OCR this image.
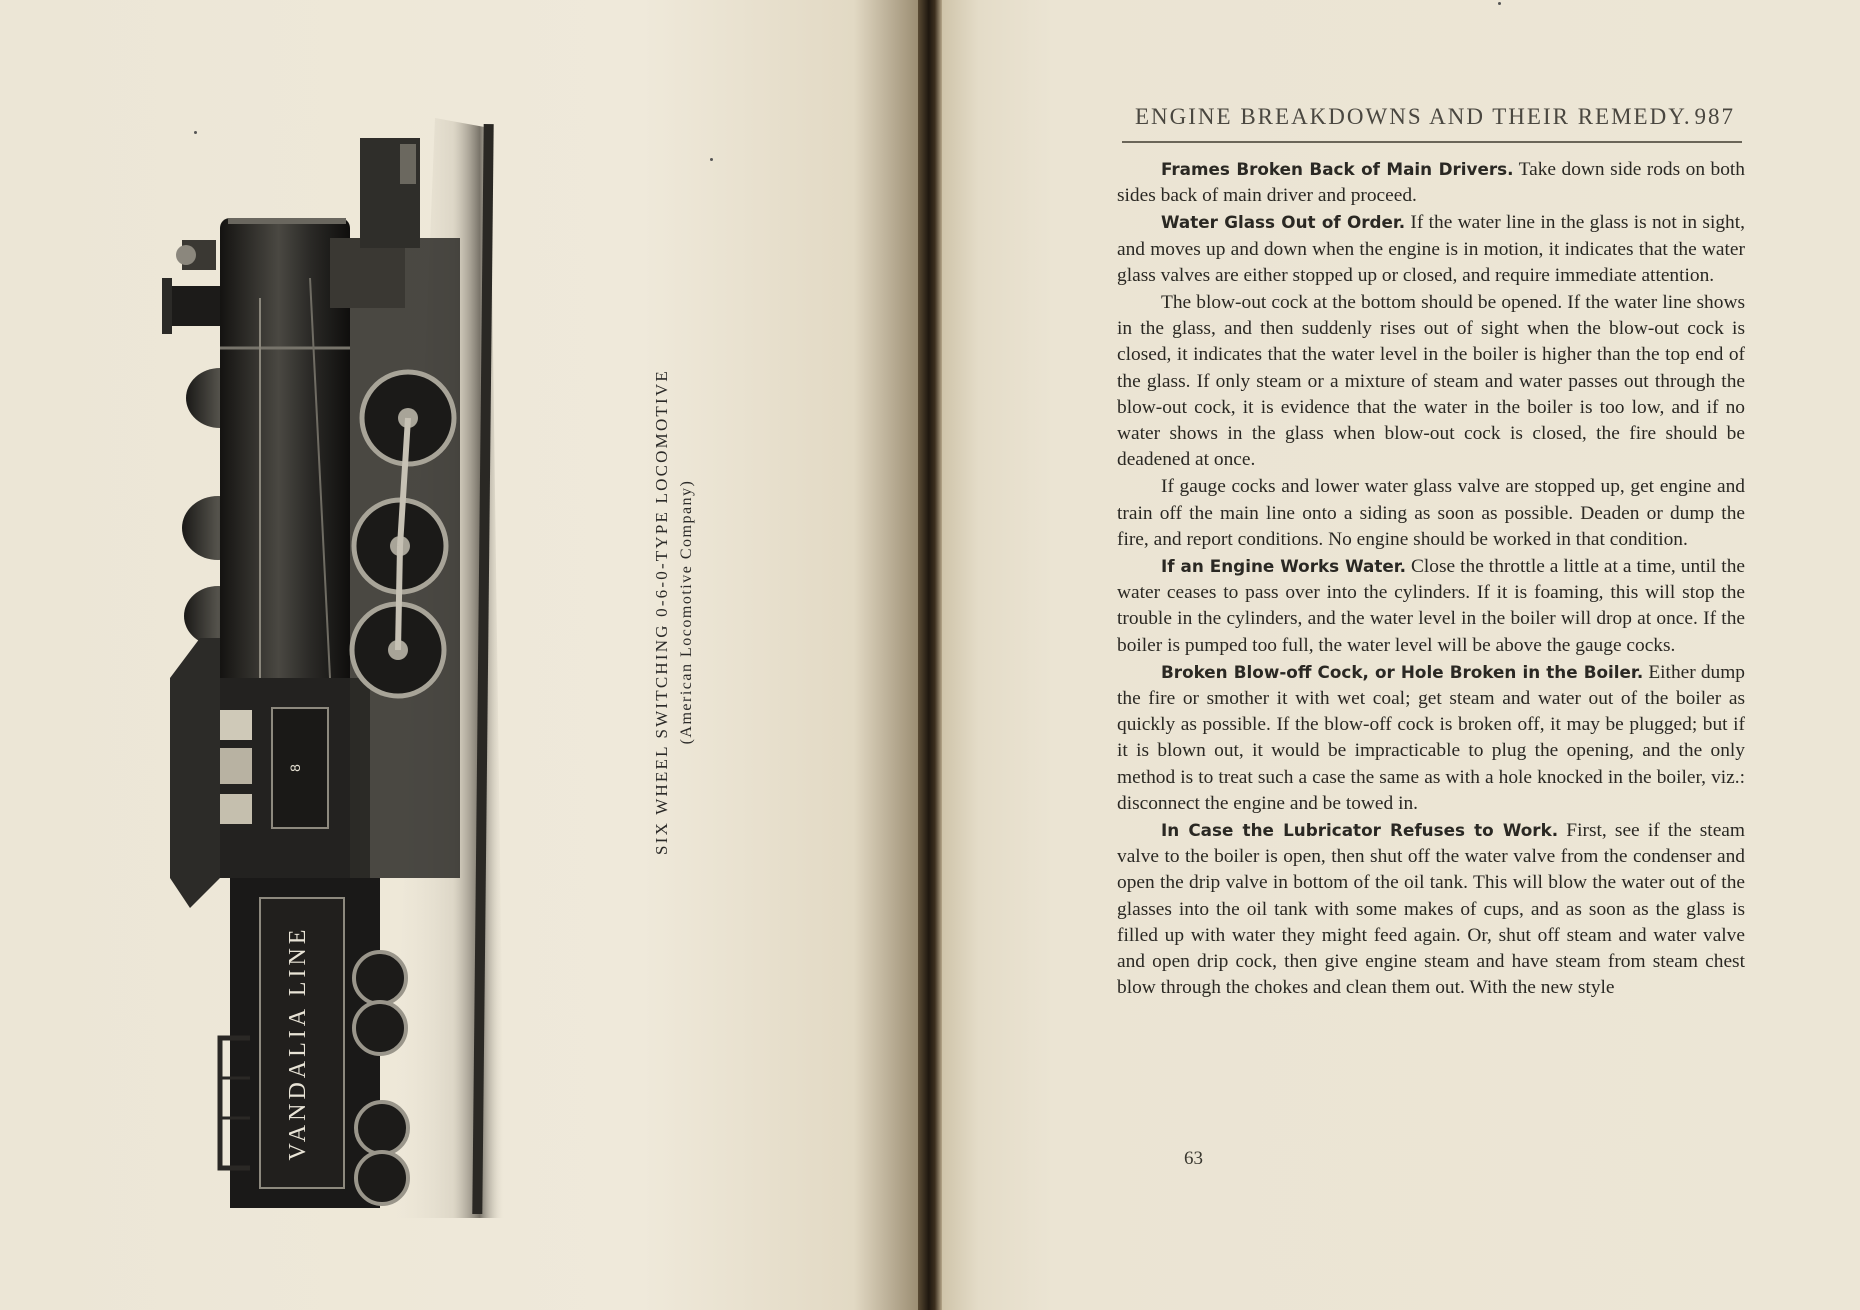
8
VANDALIA LINE
SIX WHEEL SWITCHING 0-6-0-TYPE LOCOMOTIVE (American Locomotive Company)
ENGINE BREAKDOWNS AND THEIR REMEDY. 987

Frames Broken Back of Main Drivers. Take down side rods on both sides back of main driver and proceed.

Water Glass Out of Order. If the water line in the glass is not in sight, and moves up and down when the engine is in motion, it indicates that the water glass valves are either stopped up or closed, and require immediate attention.

The blow-out cock at the bottom should be opened. If the water line shows in the glass, and then suddenly rises out of sight when the blow-out cock is closed, it indicates that the water level in the boiler is higher than the top end of the glass. If only steam or a mixture of steam and water passes out through the blow-out cock, it is evidence that the water in the boiler is too low, and if no water shows in the glass when blow-out cock is closed, the fire should be deadened at once.

If gauge cocks and lower water glass valve are stopped up, get engine and train off the main line onto a siding as soon as possible. Deaden or dump the fire, and report conditions. No engine should be worked in that condition.

If an Engine Works Water. Close the throttle a little at a time, until the water ceases to pass over into the cylinders. If it is foaming, this will stop the trouble in the cylinders, and the water level in the boiler will drop at once. If the boiler is pumped too full, the water level will be above the gauge cocks.

Broken Blow-off Cock, or Hole Broken in the Boiler. Either dump the fire or smother it with wet coal; get steam and water out of the boiler as quickly as possible. If the blow-off cock is broken off, it may be plugged; but if it is blown out, it would be impracticable to plug the opening, and the only method is to treat such a case the same as with a hole knocked in the boiler, viz.: disconnect the engine and be towed in.

In Case the Lubricator Refuses to Work. First, see if the steam valve to the boiler is open, then shut off the water valve from the condenser and open the drip valve in bottom of the oil tank. This will blow the water out of the glasses into the oil tank with some makes of cups, and as soon as the glass is filled up with water they might feed again. Or, shut off steam and water valve and open drip cock, then give engine steam and have steam from steam chest blow through the chokes and clean them out. With the new style

63
